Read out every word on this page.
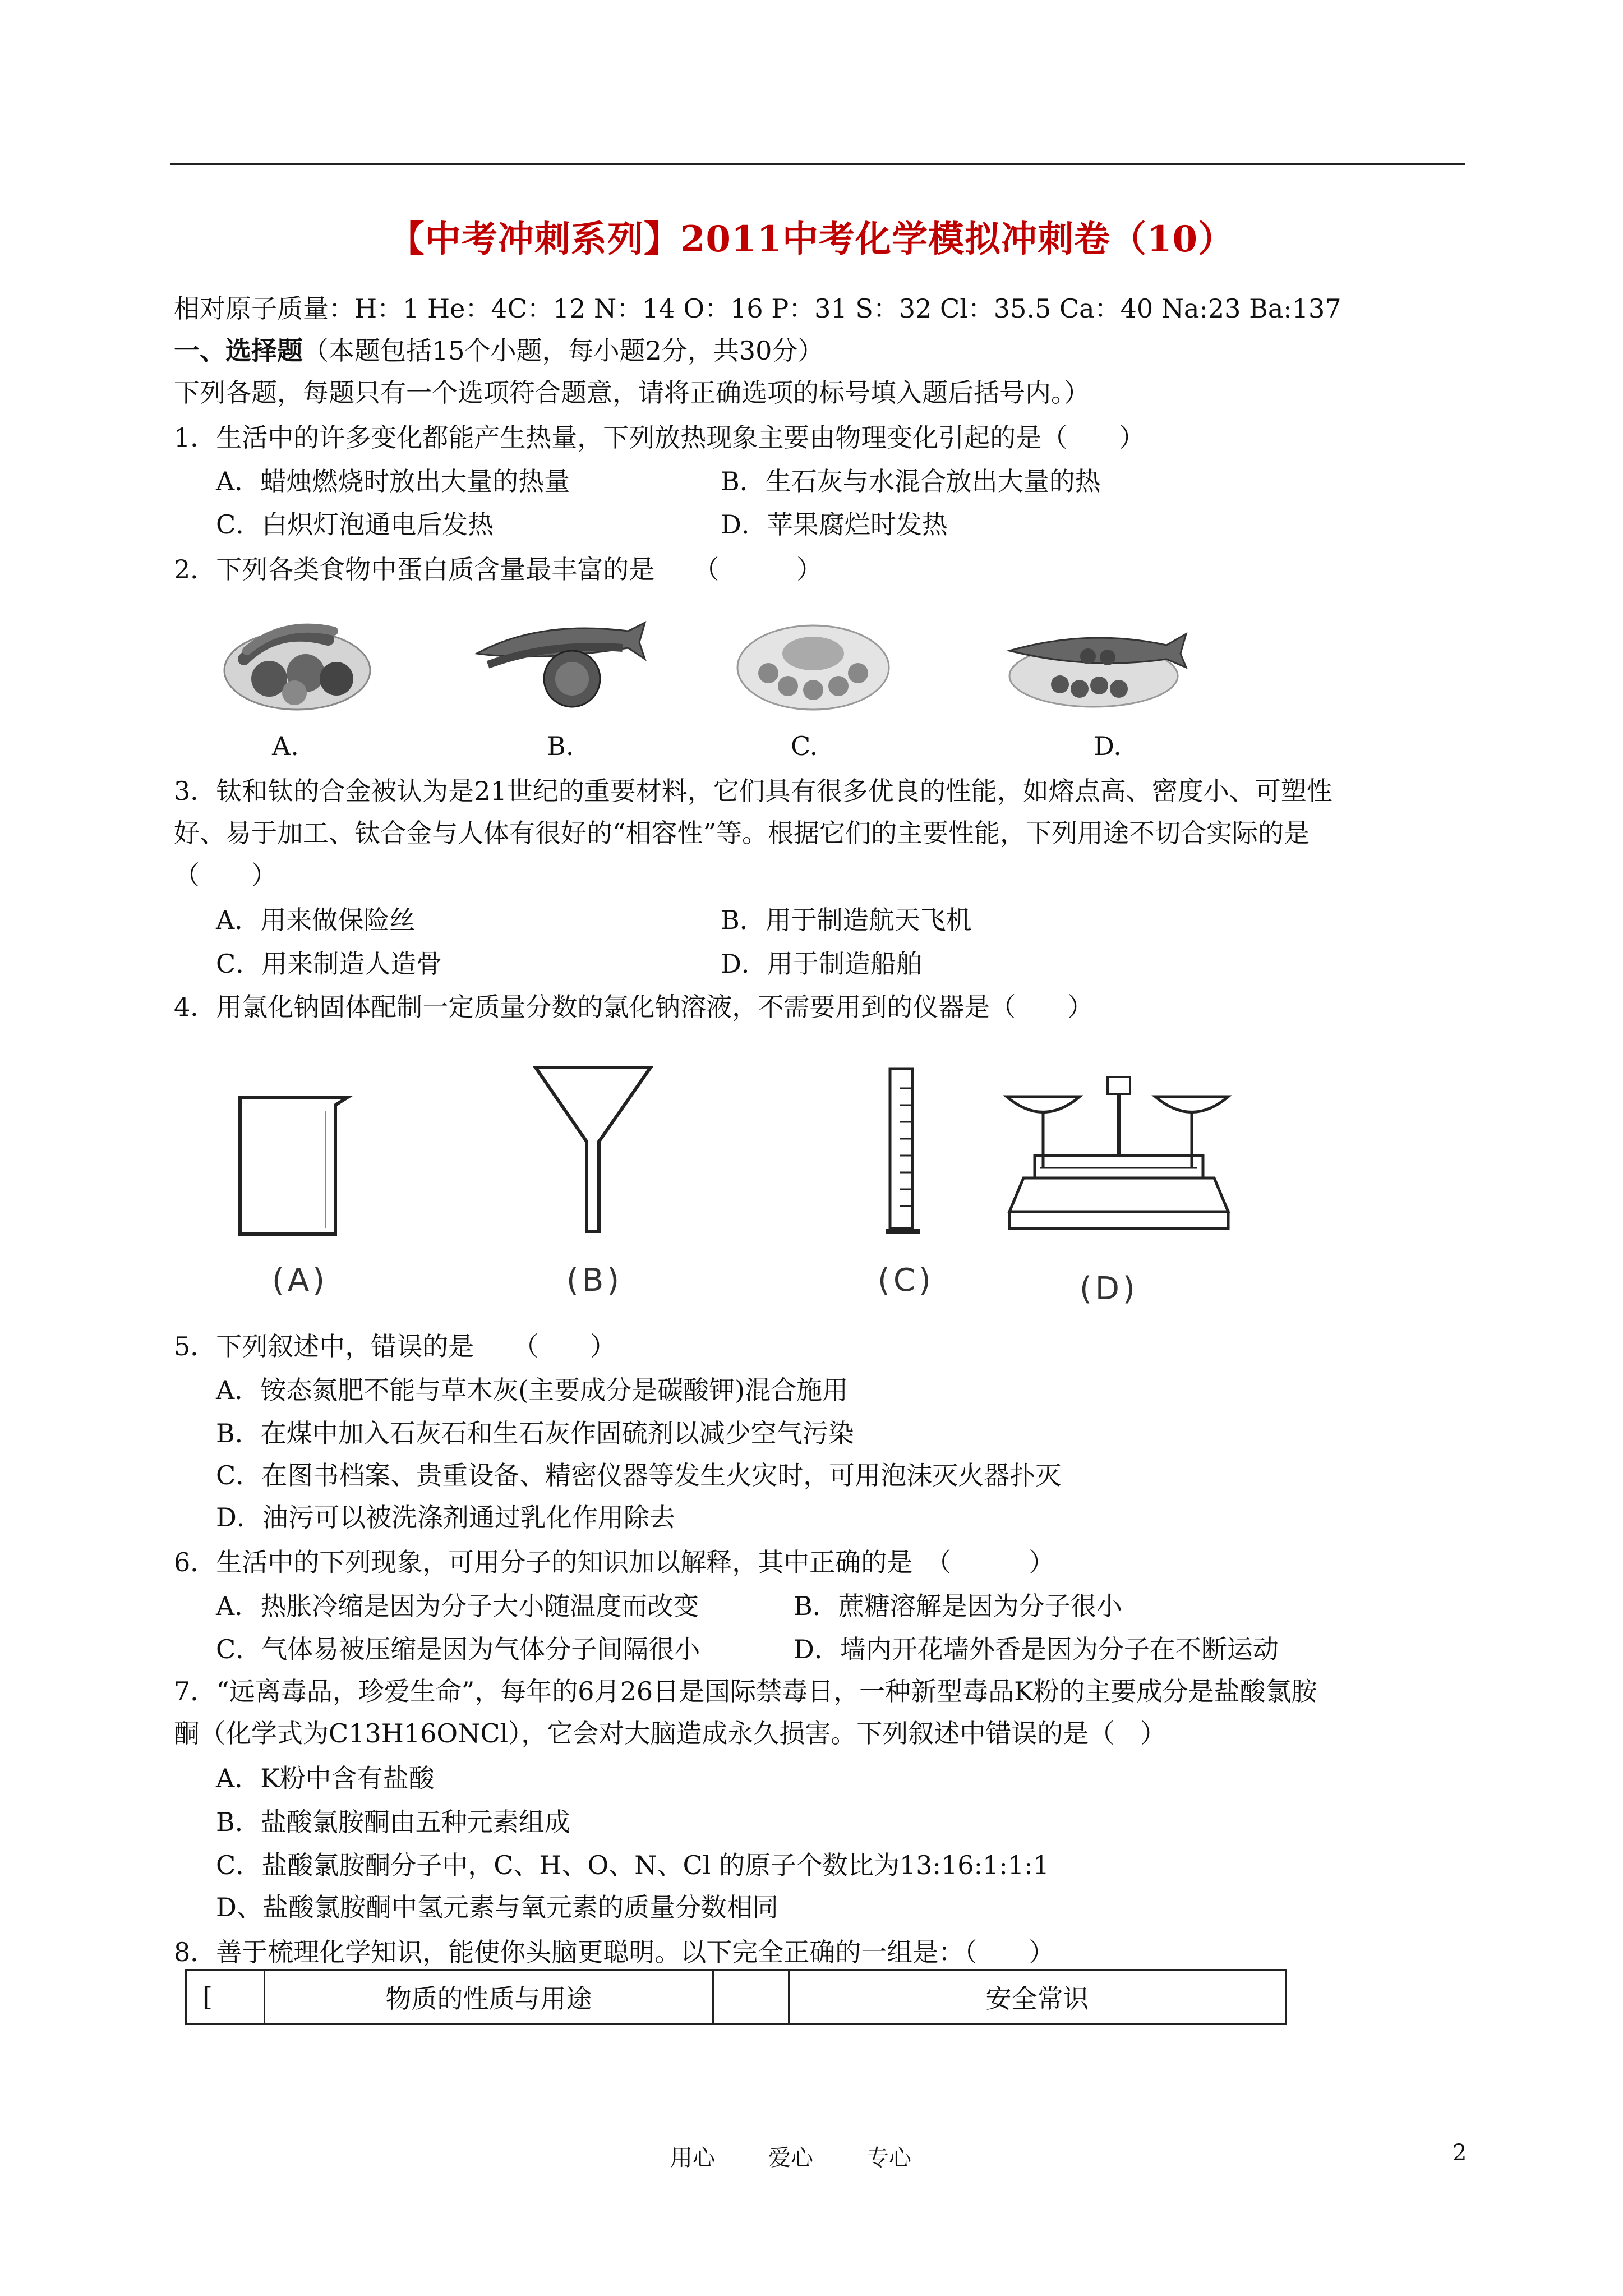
【中考冲刺系列】2011中考化学模拟冲刺卷（10）
相对原子质量：H：1 He：4C：12 N：14 O：16 P：31 S：32 Cl：35.5 Ca：40 Na:23 Ba:137
一、选择题（本题包括15个小题，每小题2分，共30分）
下列各题，每题只有一个选项符合题意，请将正确选项的标号填入题后括号内。）
1．生活中的许多变化都能产生热量，下列放热现象主要由物理变化引起的是（　　）
A．蜡烛燃烧时放出大量的热量	B．生石灰与水混合放出大量的热
C．白炽灯泡通电后发热	D．苹果腐烂时发热
2．下列各类食物中蛋白质含量最丰富的是　　（　　　）
A.	B.	C.	D.
3．钛和钛的合金被认为是21世纪的重要材料，它们具有很多优良的性能，如熔点高、密度小、可塑性
好、易于加工、钛合金与人体有很好的“相容性”等。根据它们的主要性能，下列用途不切合实际的是
（　　）
A．用来做保险丝	B．用于制造航天飞机
C．用来制造人造骨	D．用于制造船舶
4．用氯化钠固体配制一定质量分数的氯化钠溶液，不需要用到的仪器是（　　）
(A)	(B)	(C)	(D)
5．下列叙述中，错误的是　　（　　）
A．铵态氮肥不能与草木灰(主要成分是碳酸钾)混合施用
B．在煤中加入石灰石和生石灰作固硫剂以减少空气污染
C．在图书档案、贵重设备、精密仪器等发生火灾时，可用泡沫灭火器扑灭
D．油污可以被洗涤剂通过乳化作用除去
6．生活中的下列现象，可用分子的知识加以解释，其中正确的是　（　　　）
A．热胀冷缩是因为分子大小随温度而改变	B．蔗糖溶解是因为分子很小
C．气体易被压缩是因为气体分子间隔很小	D．墙内开花墙外香是因为分子在不断运动
7．“远离毒品，珍爱生命”，每年的6月26日是国际禁毒日，一种新型毒品K粉的主要成分是盐酸氯胺
酮（化学式为C13H16ONCl），它会对大脑造成永久损害。下列叙述中错误的是（　）
A．K粉中含有盐酸
B．盐酸氯胺酮由五种元素组成
C．盐酸氯胺酮分子中，C、H、O、N、Cl 的原子个数比为13:16:1:1:1
D、盐酸氯胺酮中氢元素与氧元素的质量分数相同
8．善于梳理化学知识，能使你头脑更聪明。以下完全正确的一组是：（　　）
[	物质的性质与用途		安全常识
用心 爱心 专心	2
